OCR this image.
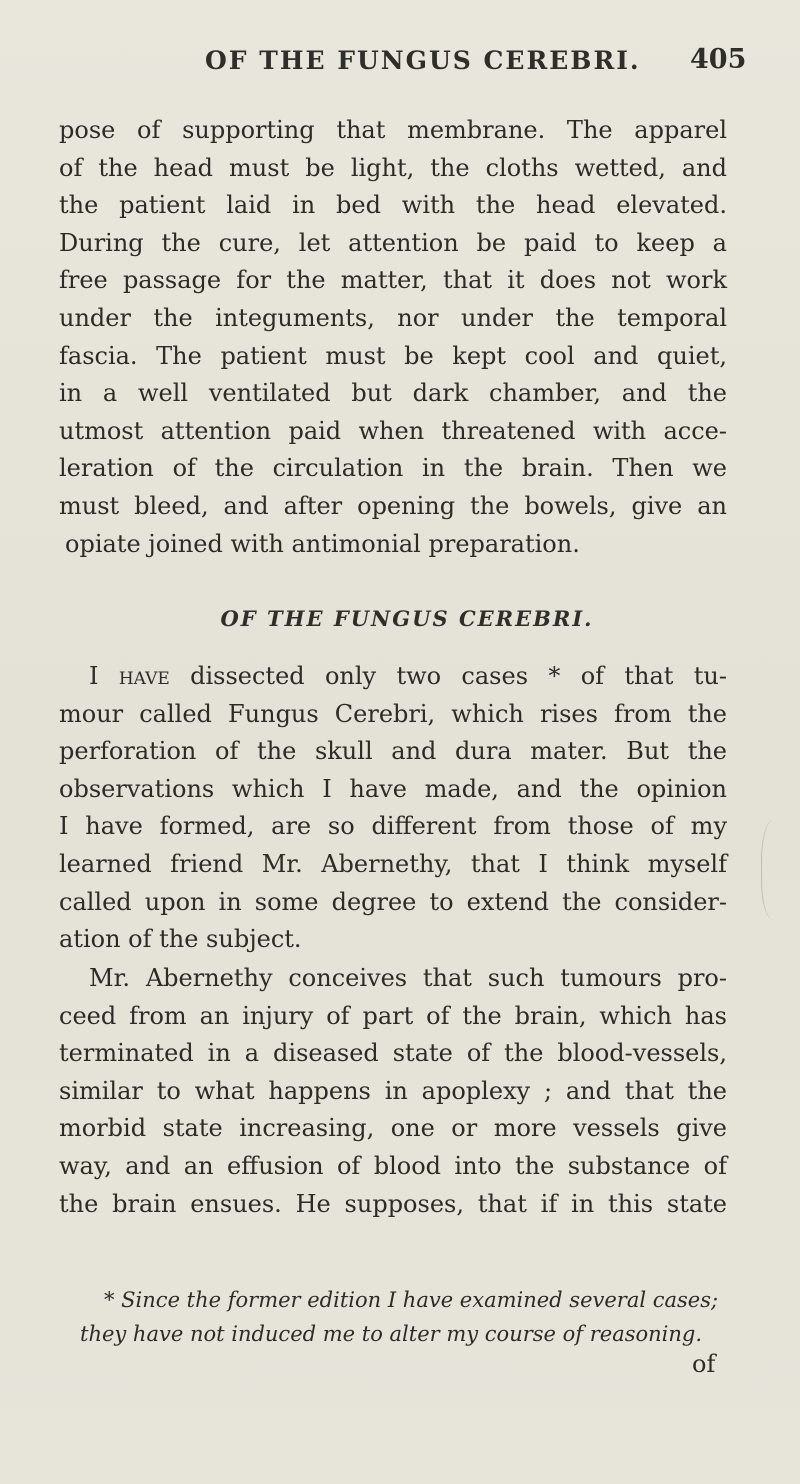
OF THE FUNGUS CEREBRI. 405
pose of supporting that membrane. The apparel
of the head must be light, the cloths wetted, and
the patient laid in bed with the head elevated.
During the cure, let attention be paid to keep a
free passage for the matter, that it does not work
under the integuments, nor under the temporal
fascia. The patient must be kept cool and quiet,
in a well ventilated but dark chamber, and the
utmost attention paid when threatened with acce-
leration of the circulation in the brain. Then we
must bleed, and after opening the bowels, give an
opiate joined with antimonial preparation.
OF THE FUNGUS CEREBRI.
I have dissected only two cases * of that tu-
mour called Fungus Cerebri, which rises from the
perforation of the skull and dura mater. But the
observations which I have made, and the opinion
I have formed, are so different from those of my
learned friend Mr. Abernethy, that I think myself
called upon in some degree to extend the consider-
ation of the subject.
Mr. Abernethy conceives that such tumours pro-
ceed from an injury of part of the brain, which has
terminated in a diseased state of the blood-vessels,
similar to what happens in apoplexy ; and that the
morbid state increasing, one or more vessels give
way, and an effusion of blood into the substance of
the brain ensues. He supposes, that if in this state
* Since the former edition I have examined several cases;
they have not induced me to alter my course of reasoning.
of
